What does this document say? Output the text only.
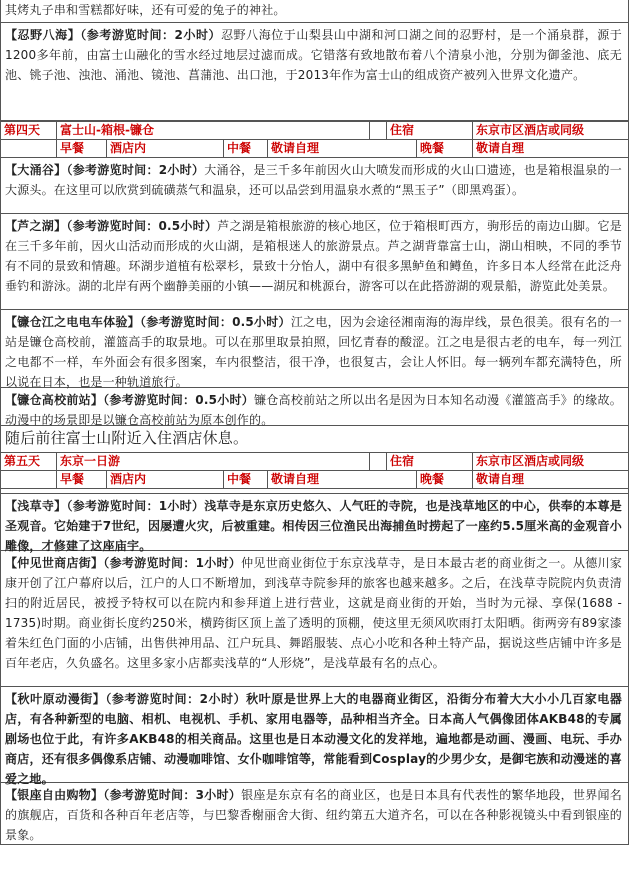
其烤丸子串和雪糕都好味，还有可爱的兔子的神社。
【忍野八海】（参考游览时间：2小时）忍野八海位于山梨县山中湖和河口湖之间的忍野村，是一个涌泉群，源于1200多年前，由富士山融化的雪水经过地层过滤而成。它错落有致地散布着八个清泉小池，分别为御釜池、底无池、铫子池、浊池、涌池、镜池、菖蒲池、出口池，于2013年作为富士山的组成资产被列入世界文化遗产。
第四天	富士山-箱根-镰仓	住宿	东京市区酒店或同级
早餐	酒店内	中餐	敬请自理	晚餐	敬请自理
【大涌谷】（参考游览时间：2小时）大涌谷，是三千多年前因火山大喷发而形成的火山口遗迹，也是箱根温泉的一大源头。在这里可以欣赏到硫磺蒸气和温泉，还可以品尝到用温泉水煮的“黑玉子”（即黑鸡蛋）。
【芦之湖】（参考游览时间：0.5小时）芦之湖是箱根旅游的核心地区，位于箱根町西方，驹形岳的南边山脚。它是在三千多年前，因火山活动而形成的火山湖，是箱根迷人的旅游景点。芦之湖背靠富士山，湖山相映，不同的季节有不同的景致和情趣。环湖步道植有松翠杉，景致十分怡人，湖中有很多黑鲈鱼和鳟鱼，许多日本人经常在此泛舟垂钓和游泳。湖的北岸有两个幽静美丽的小镇——湖尻和桃源台，游客可以在此搭游湖的观景船，游览此处美景。
【镰仓江之电电车体验】（参考游览时间：0.5小时）江之电，因为会途径湘南海的海岸线，景色很美。很有名的一站是镰仓高校前，灌篮高手的取景地。可以在那里取景拍照，回忆青春的酸涩。江之电是很古老的电车，每一列江之电都不一样，车外面会有很多图案，车内很整洁，很干净，也很复古，会让人怀旧。每一辆列车都充满特色，所以说在日本，也是一种轨道旅行。
【镰仓高校前站】（参考游览时间：0.5小时）镰仓高校前站之所以出名是因为日本知名动漫《灌篮高手》的缘故。动漫中的场景即是以镰仓高校前站为原本创作的。
随后前往富士山附近入住酒店休息。
第五天	东京一日游	住宿	东京市区酒店或同级
早餐	酒店内	中餐	敬请自理	晚餐	敬请自理
【浅草寺】（参考游览时间：1小时）浅草寺是东京历史悠久、人气旺的寺院，也是浅草地区的中心，供奉的本尊是圣观音。它始建于7世纪，因屡遭火灾，后被重建。相传因三位渔民出海捕鱼时捞起了一座约5.5厘米高的金观音小雕像，才修建了这座庙宇。
【仲见世商店街】（参考游览时间：1小时）仲见世商业街位于东京浅草寺，是日本最古老的商业街之一。从德川家康开创了江户幕府以后，江户的人口不断增加，到浅草寺院参拜的旅客也越来越多。之后，在浅草寺院院内负责清扫的附近居民，被授予特权可以在院内和参拜道上进行营业，这就是商业街的开始，当时为元禄、享保(1688 - 1735)时期。商业街长度约250米，横跨街区顶上盖了透明的顶棚，使这里无须风吹雨打太阳晒。街两旁有89家漆着朱红色门面的小店铺，出售供神用品、江户玩具、舞蹈服装、点心小吃和各种土特产品，据说这些店铺中许多是百年老店，久负盛名。这里多家小店都卖浅草的“人形烧”，是浅草最有名的点心。
【秋叶原动漫街】（参考游览时间：2小时）秋叶原是世界上大的电器商业街区，沿街分布着大大小小几百家电器店，有各种新型的电脑、相机、电视机、手机、家用电器等，品种相当齐全。日本高人气偶像团体AKB48的专属剧场也位于此，有许多AKB48的相关商品。这里也是日本动漫文化的发祥地，遍地都是动画、漫画、电玩、手办商店，还有很多偶像系店铺、动漫咖啡馆、女仆咖啡馆等，常能看到Cosplay的少男少女，是御宅族和动漫迷的喜爱之地。
【银座自由购物】（参考游览时间：3小时）银座是东京有名的商业区，也是日本具有代表性的繁华地段，世界闻名的旗舰店，百货和各种百年老店等，与巴黎香榭丽舍大街、纽约第五大道齐名，可以在各种影视镜头中看到银座的景象。
